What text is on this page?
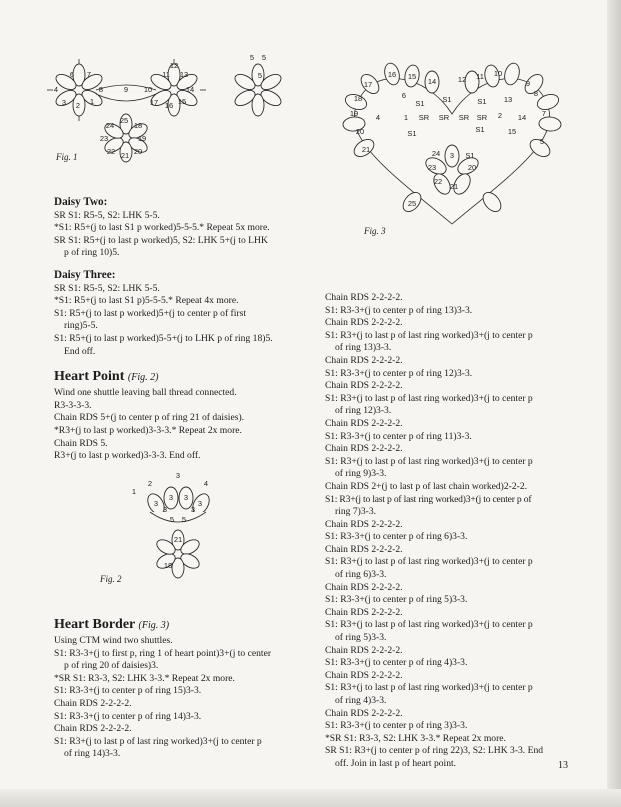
6 7
4	8
3 2 1
9 10
11
12
13
14
17 16 15
24
25
18
23	19
22 21 20
Fig. 1
5 5
5
17
16 15
14	12 11 10
9
18	6
S1 S1	S1 13
8
19 4	1 SR SR SR SR 2 14 7
20	S1	S1	15
5
21	24 3 S1
23	20
22
21
25
Fig. 3
2
3
4
1
3
3 3
3
3	3
5 5
21
18
Fig. 2
Daisy Two:
SR S1: R5-5, S2: LHK 5-5.
*S1: R5+(j to last S1 p worked)5-5-5.* Repeat 5x more.
SR S1: R5+(j to last p worked)5, S2: LHK 5+(j to LHK
p of ring 10)5.
Daisy Three:
SR S1: R5-5, S2: LHK 5-5.
*S1: R5+(j to last S1 p)5-5-5.* Repeat 4x more.
S1: R5+(j to last p worked)5+(j to center p of first
ring)5-5.
S1: R5+(j to last p worked)5-5+(j to LHK p of ring 18)5.
End off.
Heart Point (Fig. 2)
Wind one shuttle leaving ball thread connected.
R3-3-3-3.
Chain RDS 5+(j to center p of ring 21 of daisies).
*R3+(j to last p worked)3-3-3.* Repeat 2x more.
Chain RDS 5.
R3+(j to last p worked)3-3-3. End off.
Heart Border (Fig. 3)
Using CTM wind two shuttles.
S1: R3-3+(j to first p, ring 1 of heart point)3+(j to center
p of ring 20 of daisies)3.
*SR S1: R3-3, S2: LHK 3-3.* Repeat 2x more.
S1: R3-3+(j to center p of ring 15)3-3.
Chain RDS 2-2-2-2.
S1: R3-3+(j to center p of ring 14)3-3.
Chain RDS 2-2-2-2.
S1: R3+(j to last p of last ring worked)3+(j to center p
of ring 14)3-3.
Chain RDS 2-2-2-2.
S1: R3-3+(j to center p of ring 13)3-3.
Chain RDS 2-2-2-2.
S1: R3+(j to last p of last ring worked)3+(j to center p
of ring 13)3-3.
Chain RDS 2-2-2-2.
S1: R3-3+(j to center p of ring 12)3-3.
Chain RDS 2-2-2-2.
S1: R3+(j to last p of last ring worked)3+(j to center p
of ring 12)3-3.
Chain RDS 2-2-2-2.
S1: R3-3+(j to center p of ring 11)3-3.
Chain RDS 2-2-2-2.
S1: R3+(j to last p of last ring worked)3+(j to center p
of ring 9)3-3.
Chain RDS 2+(j to last p of last chain worked)2-2-2.
S1: R3+(j to last p of last ring worked)3+(j to center p of
ring 7)3-3.
Chain RDS 2-2-2-2.
S1: R3-3+(j to center p of ring 6)3-3.
Chain RDS 2-2-2-2.
S1: R3+(j to last p of last ring worked)3+(j to center p
of ring 6)3-3.
Chain RDS 2-2-2-2.
S1: R3-3+(j to center p of ring 5)3-3.
Chain RDS 2-2-2-2.
S1: R3+(j to last p of last ring worked)3+(j to center p
of ring 5)3-3.
Chain RDS 2-2-2-2.
S1: R3-3+(j to center p of ring 4)3-3.
Chain RDS 2-2-2-2.
S1: R3+(j to last p of last ring worked)3+(j to center p
of ring 4)3-3.
Chain RDS 2-2-2-2.
S1: R3-3+(j to center p of ring 3)3-3.
*SR S1: R3-3, S2: LHK 3-3.* Repeat 2x more.
SR S1: R3+(j to center p of ring 22)3, S2: LHK 3-3. End
off. Join in last p of heart point.	13
